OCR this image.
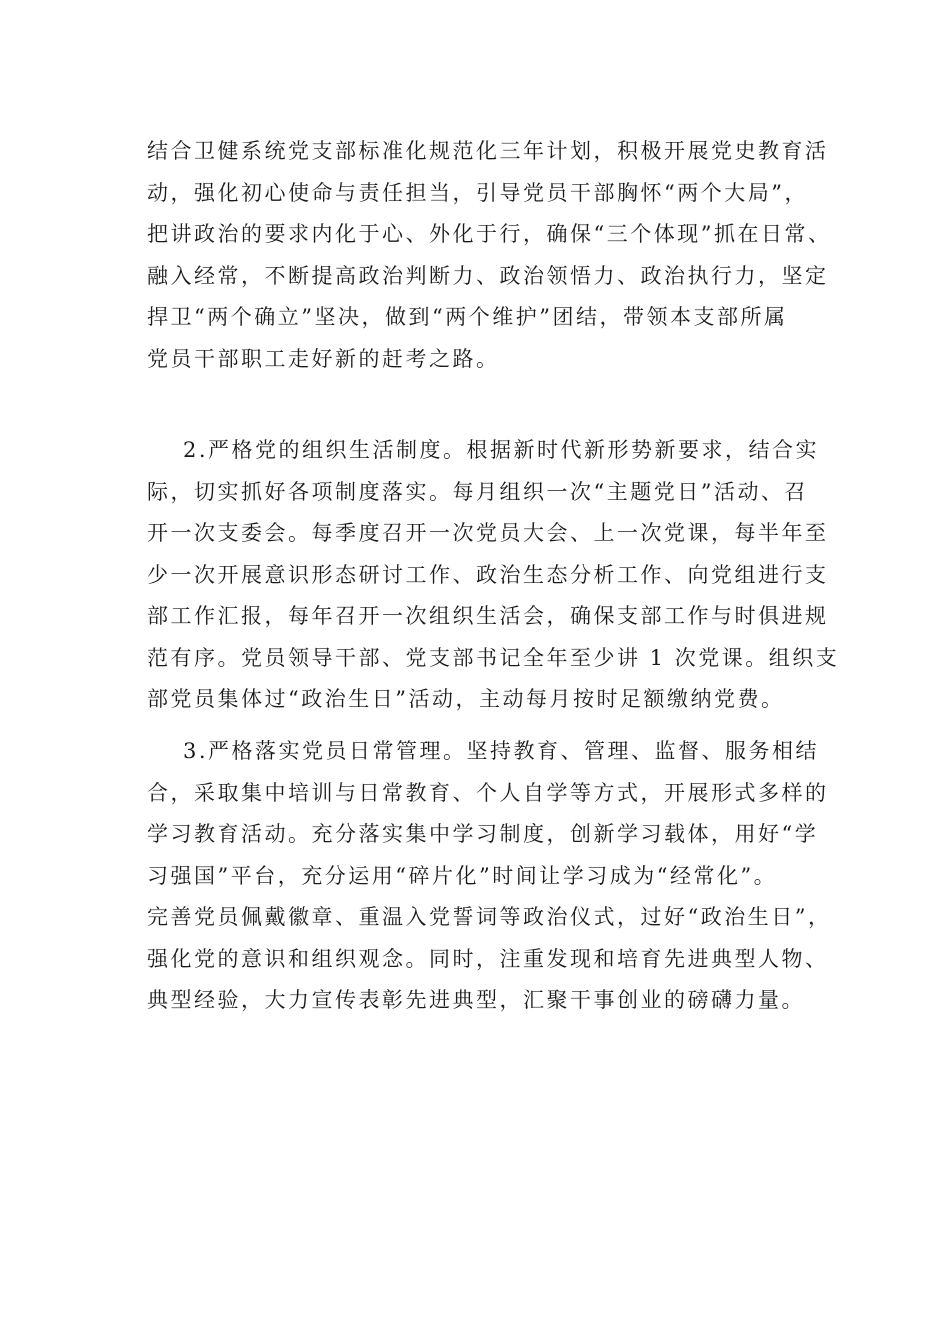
结合卫健系统党支部标准化规范化三年计划，积极开展党史教育活
动，强化初心使命与责任担当，引导党员干部胸怀“两个大局”，
把讲政治的要求内化于心、外化于行，确保“三个体现”抓在日常、
融入经常，不断提高政治判断力、政治领悟力、政治执行力，坚定
捍卫“两个确立”坚决，做到“两个维护”团结，带领本支部所属
党员干部职工走好新的赶考之路。
2.严格党的组织生活制度。根据新时代新形势新要求，结合实
际，切实抓好各项制度落实。每月组织一次“主题党日”活动、召
开一次支委会。每季度召开一次党员大会、上一次党课，每半年至
少一次开展意识形态研讨工作、政治生态分析工作、向党组进行支
部工作汇报，每年召开一次组织生活会，确保支部工作与时俱进规
范有序。党员领导干部、党支部书记全年至少讲 1 次党课。组织支
部党员集体过“政治生日”活动，主动每月按时足额缴纳党费。
3.严格落实党员日常管理。坚持教育、管理、监督、服务相结
合，采取集中培训与日常教育、个人自学等方式，开展形式多样的
学习教育活动。充分落实集中学习制度，创新学习载体，用好“学
习强国”平台，充分运用“碎片化”时间让学习成为“经常化”。
完善党员佩戴徽章、重温入党誓词等政治仪式，过好“政治生日”，
强化党的意识和组织观念。同时，注重发现和培育先进典型人物、
典型经验，大力宣传表彰先进典型，汇聚干事创业的磅礴力量。
